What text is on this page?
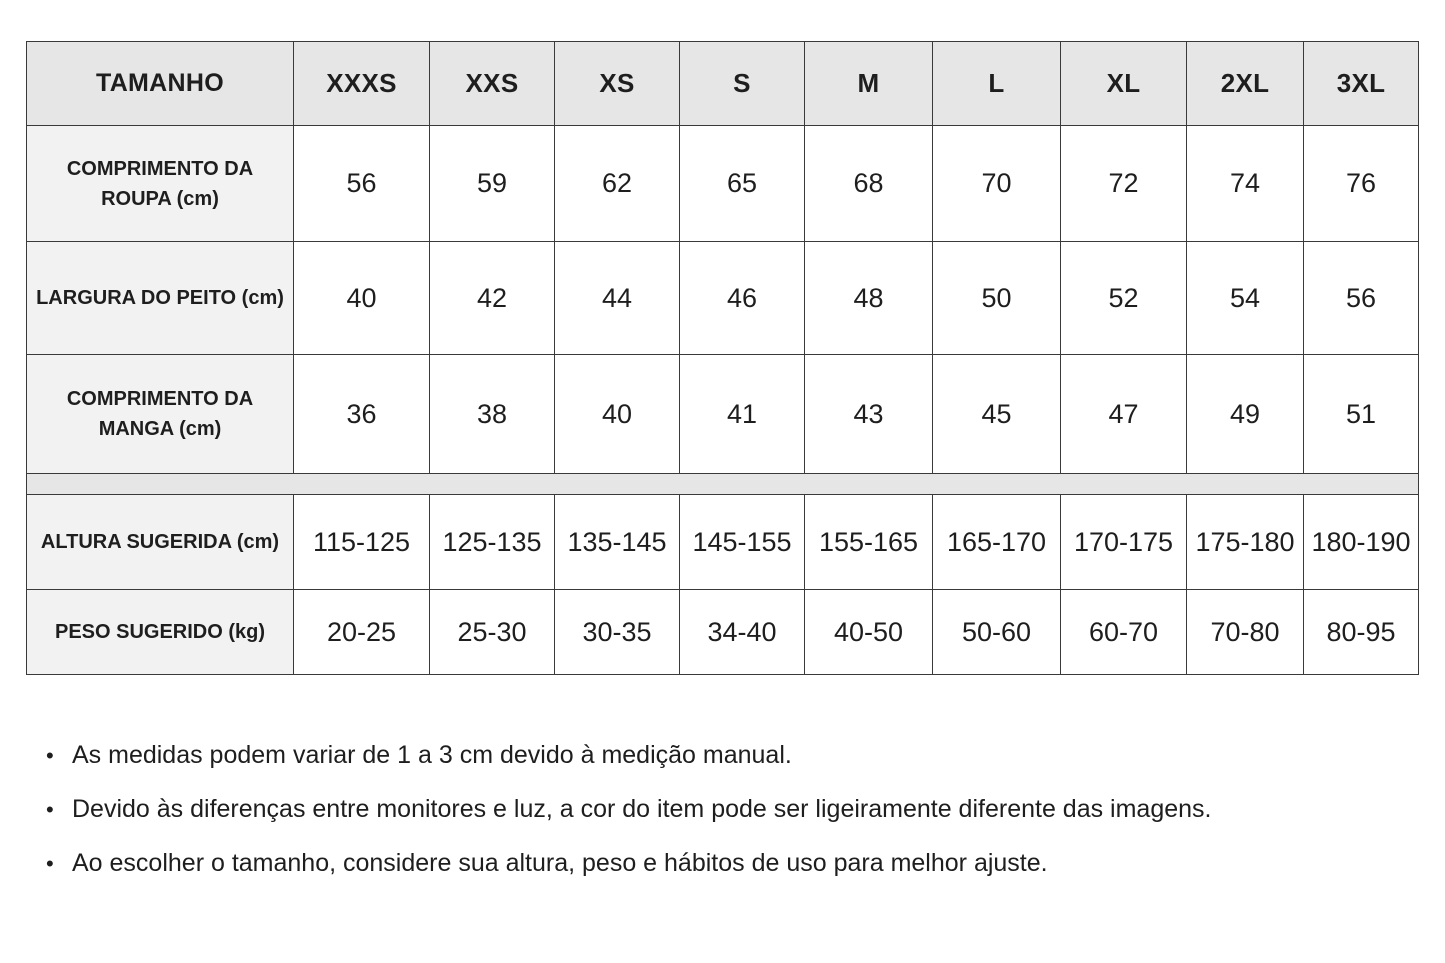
TAMANHO	XXXS	XXS	XS	S	M	L	XL	2XL	3XL
COMPRIMENTO DA ROUPA (cm)	56	59	62	65	68	70	72	74	76
LARGURA DO PEITO (cm)	40	42	44	46	48	50	52	54	56
COMPRIMENTO DA MANGA (cm)	36	38	40	41	43	45	47	49	51

ALTURA SUGERIDA (cm)	115-125	125-135	135-145	145-155	155-165	165-170	170-175	175-180	180-190
PESO SUGERIDO (kg)	20-25	25-30	30-35	34-40	40-50	50-60	60-70	70-80	80-95
• As medidas podem variar de 1 a 3 cm devido à medição manual.
• Devido às diferenças entre monitores e luz, a cor do item pode ser ligeiramente diferente das imagens.
• Ao escolher o tamanho, considere sua altura, peso e hábitos de uso para melhor ajuste.
